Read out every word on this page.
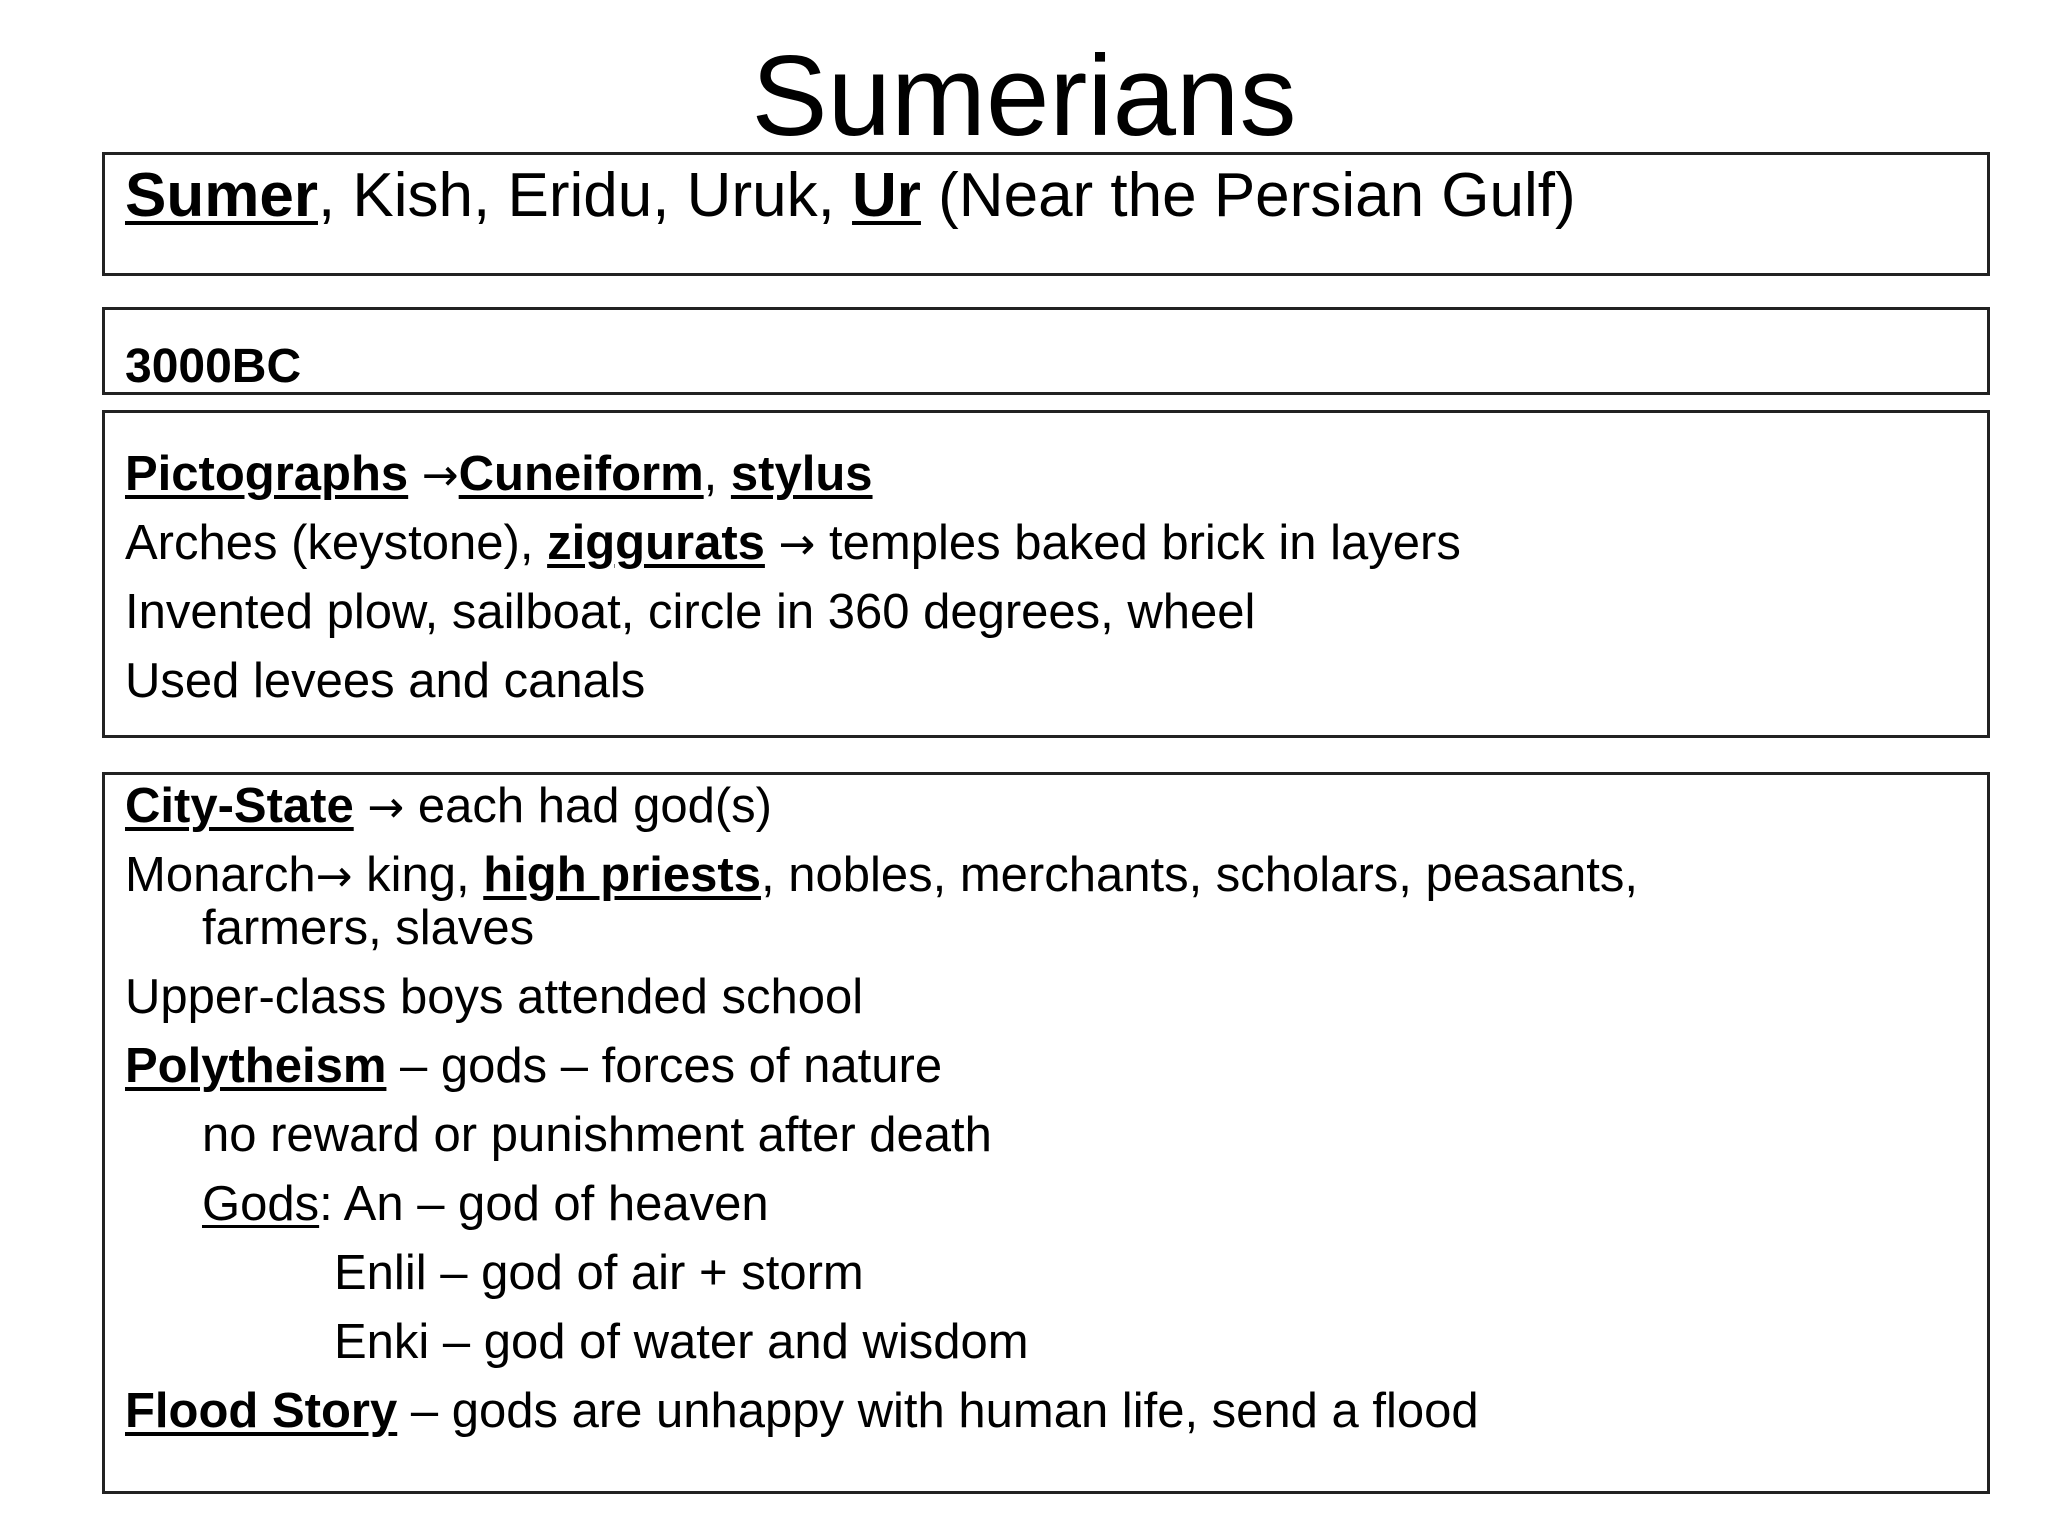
Sumerians
Sumer, Kish, Eridu, Uruk, Ur (Near the Persian Gulf)
3000BC
Pictographs →Cuneiform, stylus
Arches (keystone), ziggurats → temples baked brick in layers
Invented plow, sailboat, circle in 360 degrees, wheel
Used levees and canals
City-State → each had god(s)
Monarch→ king, high priests, nobles, merchants, scholars, peasants,
farmers, slaves
Upper-class boys attended school
Polytheism – gods – forces of nature
no reward or punishment after death
Gods: An – god of heaven
Enlil – god of air + storm
Enki – god of water and wisdom
Flood Story – gods are unhappy with human life, send a flood
